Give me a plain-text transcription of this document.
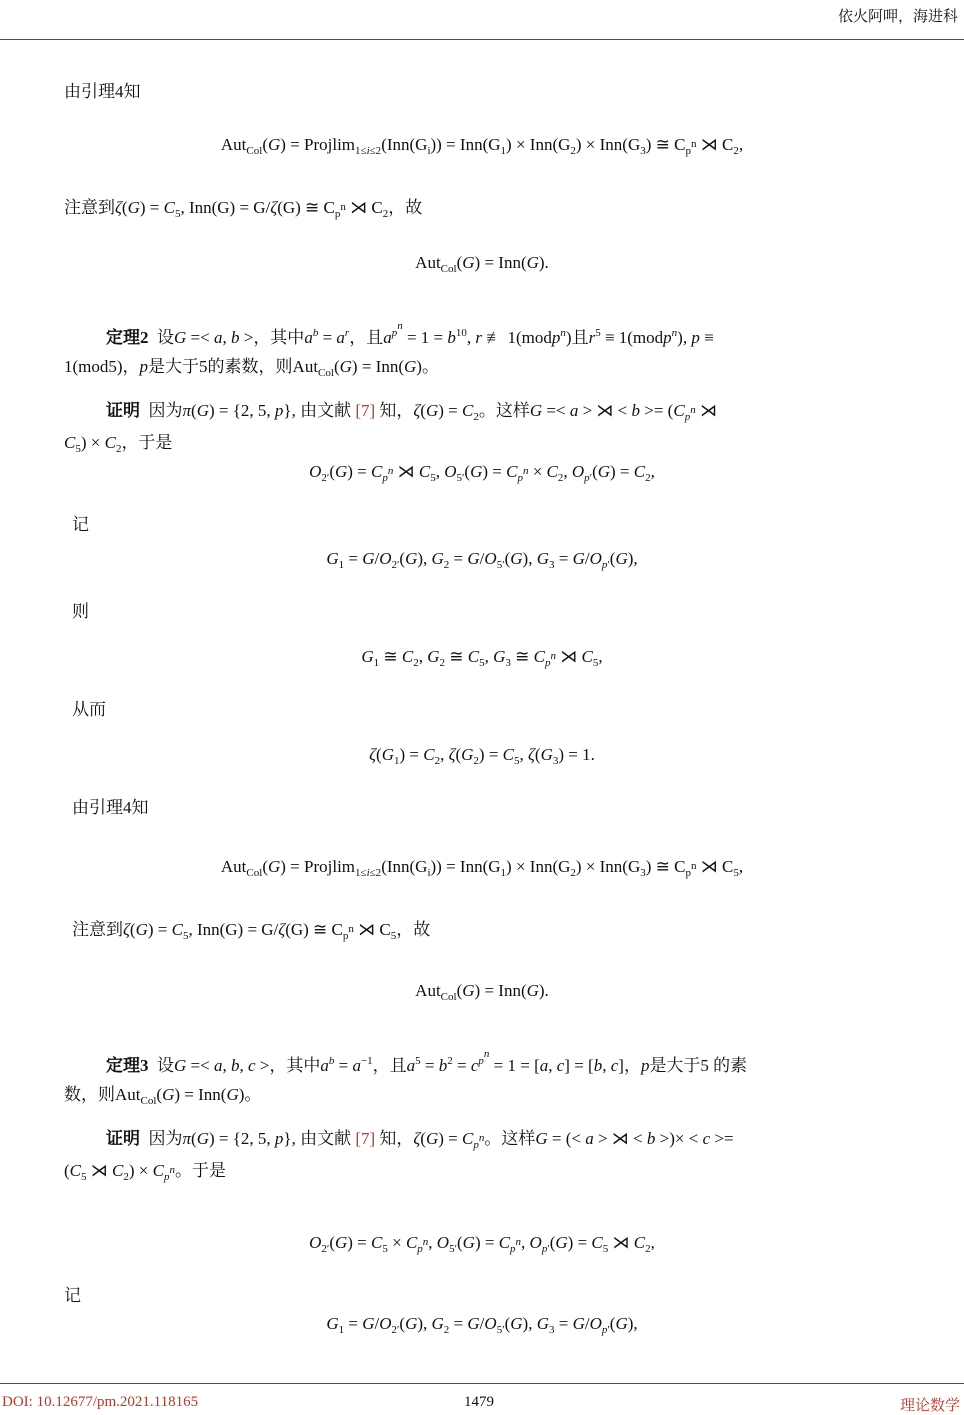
依火阿呷，海进科
由引理4知
$Aut_{Col}(G) = Projlim_{1\le i\le 2}(Inn(G_i)) = Inn(G_1) \times Inn(G_2) \times Inn(G_3)$ ≅ $C_{p^n}$ ⋊ $C_2$,
注意到$\zeta(G) = C_5$, Inn(G) = G/ζ(G) ≅ $C_{p^n}$ ⋊ $C_2$，故
Aut$_{Col}$(G) = Inn(G).
定理2 设G =< a, b >，其中$a^b = a^r$，且$a^{p^n} = 1 = b^{10}$, r ≢ 1(modp$^n$)且$r^5$ ≡ 1(modp$^n$), p ≡
1(mod5)，p是大于5的素数，则Aut$_{Col}$(G) = Inn(G)。
证明 因为π(G) = {2, 5, p}, 由文献 [7] 知，$\zeta(G) = C_2$。这样G =< a > ⋊ < $b >= (C_{p^n}$ ⋊
$C_5) \times C_2$，于是
$O_{2'}(G) = C_{p^n}$ ⋊ $C_5$, $O_{5'}(G) = C_{p^n} \times C_2$, $O_{p'}(G) = C_2$,
记
$G_1 = G/O_{2'}(G)$, $G_2 = G/O_{5'}(G)$, $G_3 = G/O_{p'}(G)$,
则
$G_1$ ≅ $C_2$, $G_2$ ≅ $C_5$, $G_3$ ≅ $C_{p^n}$ ⋊ $C_5$,
从而
$\zeta(G_1) = C_2$, $\zeta(G_2) = C_5$, $\zeta(G_3) = 1$.
由引理4知
$Aut_{Col}(G) = Projlim_{1\le i\le 2}(Inn(G_i)) = Inn(G_1) \times Inn(G_2) \times Inn(G_3)$ ≅ $C_{p^n}$ ⋊ $C_5$,
注意到$\zeta(G) = C_5$, Inn(G) = G/ζ(G) ≅ $C_{p^n}$ ⋊ $C_5$，故
Aut$_{Col}$(G) = Inn(G).
定理3 设G =< a, b, c >，其中$a^b = a^{-1}$，且$a^5 = b^2 = c^{p^n} = 1 = [a$, c] = [b, c]，p是大于5 的素
数，则Aut$_{Col}$(G) = Inn(G)。
证明 因为π(G) = {2, 5, p}, 由文献 [7] 知，$\zeta(G) = C_{p^n}$。这样G = (< a > ⋊ < b >)× < c >=
($C_5$ ⋊ $C_2) \times C_{p^n}$。于是
$O_{2'}(G) = C_5 \times C_{p^n}$, $O_{5'}(G) = C_{p^n}$, $O_{p'}(G) = C_5$ ⋊ $C_2$,
记
$G_1 = G/O_{2'}(G)$, $G_2 = G/O_{5'}(G)$, $G_3 = G/O_{p'}(G)$,
DOI: 10.12677/pm.2021.118165	1479	理论数学
